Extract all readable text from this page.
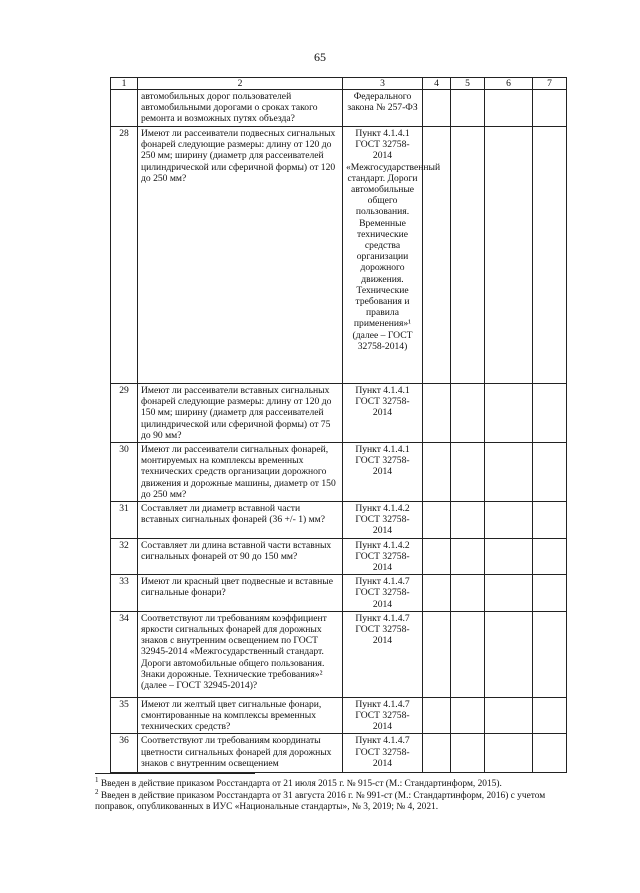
65
1	2	3	4	5	6	7
	автомобильных дорог пользователей автомобильными дорогами о сроках такого ремонта и возможных путях объезда?	Федерального закона № 257-ФЗ				
28	Имеют ли рассеиватели подвесных сигнальных фонарей следующие размеры: длину от 120 до 250 мм; ширину (диаметр для рассеивателей цилиндрической или сферичной формы) от 120 до 250 мм?	Пункт 4.1.4.1 ГОСТ 32758-2014 «Межгосударственный стандарт. Дороги автомобильные общего пользования. Временные технические средства организации дорожного движения. Технические требования и правила применения»¹ (далее – ГОСТ 32758-2014)				
29	Имеют ли рассеиватели вставных сигнальных фонарей следующие размеры: длину от 120 до 150 мм; ширину (диаметр для рассеивателей цилиндрической или сферичной формы) от 75 до 90 мм?	Пункт 4.1.4.1 ГОСТ 32758-2014				
30	Имеют ли рассеиватели сигнальных фонарей, монтируемых на комплексы временных технических средств организации дорожного движения и дорожные машины, диаметр от 150 до 250 мм?	Пункт 4.1.4.1 ГОСТ 32758-2014				
31	Составляет ли диаметр вставной части вставных сигнальных фонарей (36 +/- 1) мм?	Пункт 4.1.4.2 ГОСТ 32758-2014				
32	Составляет ли длина вставной части вставных сигнальных фонарей от 90 до 150 мм?	Пункт 4.1.4.2 ГОСТ 32758-2014				
33	Имеют ли красный цвет подвесные и вставные сигнальные фонари?	Пункт 4.1.4.7 ГОСТ 32758-2014				
34	Соответствуют ли требованиям коэффициент яркости сигнальных фонарей для дорожных знаков с внутренним освещением по ГОСТ 32945-2014 «Межгосударственный стандарт. Дороги автомобильные общего пользования. Знаки дорожные. Технические требования»² (далее – ГОСТ 32945-2014)?	Пункт 4.1.4.7 ГОСТ 32758-2014				
35	Имеют ли желтый цвет сигнальные фонари, смонтированные на комплексы временных технических средств?	Пункт 4.1.4.7 ГОСТ 32758-2014				
36	Соответствуют ли требованиям координаты цветности сигнальных фонарей для дорожных знаков с внутренним освещением	Пункт 4.1.4.7 ГОСТ 32758-2014				

$^1$ Введен в действие приказом Росстандарта от 21 июля 2015 г. № 915-ст (М.: Стандартинформ, 2015).

$^2$ Введен в действие приказом Росстандарта от 31 августа 2016 г. № 991-ст (М.: Стандартинформ, 2016) с учетом поправок, опубликованных в ИУС «Национальные стандарты», № 3, 2019; № 4, 2021.
